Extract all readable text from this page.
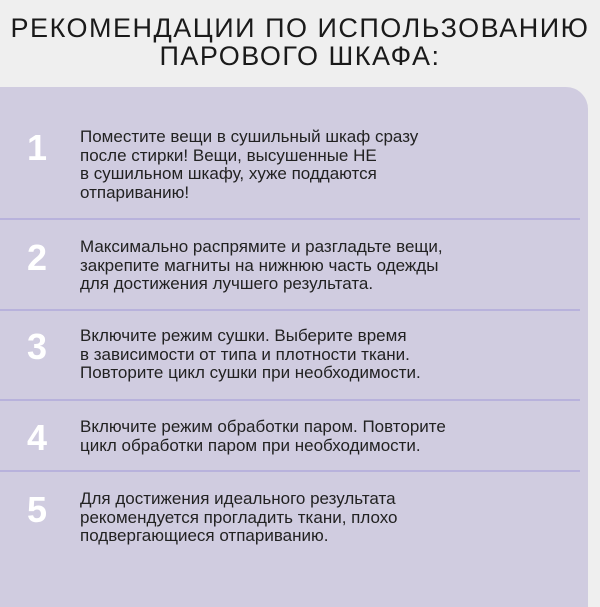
РЕКОМЕНДАЦИИ ПО ИСПОЛЬЗОВАНИЮ
ПАРОВОГО ШКАФА:
1 Поместите вещи в сушильный шкаф сразу
после стирки! Вещи, высушенные НЕ
в сушильном шкафу, хуже поддаются
отпариванию!
2 Максимально распрямите и разгладьте вещи,
закрепите магниты на нижнюю часть одежды
для достижения лучшего результата.
3 Включите режим сушки. Выберите время
в зависимости от типа и плотности ткани.
Повторите цикл сушки при необходимости.
4 Включите режим обработки паром. Повторите
цикл обработки паром при необходимости.
5 Для достижения идеального результата
рекомендуется прогладить ткани, плохо
подвергающиеся отпариванию.
